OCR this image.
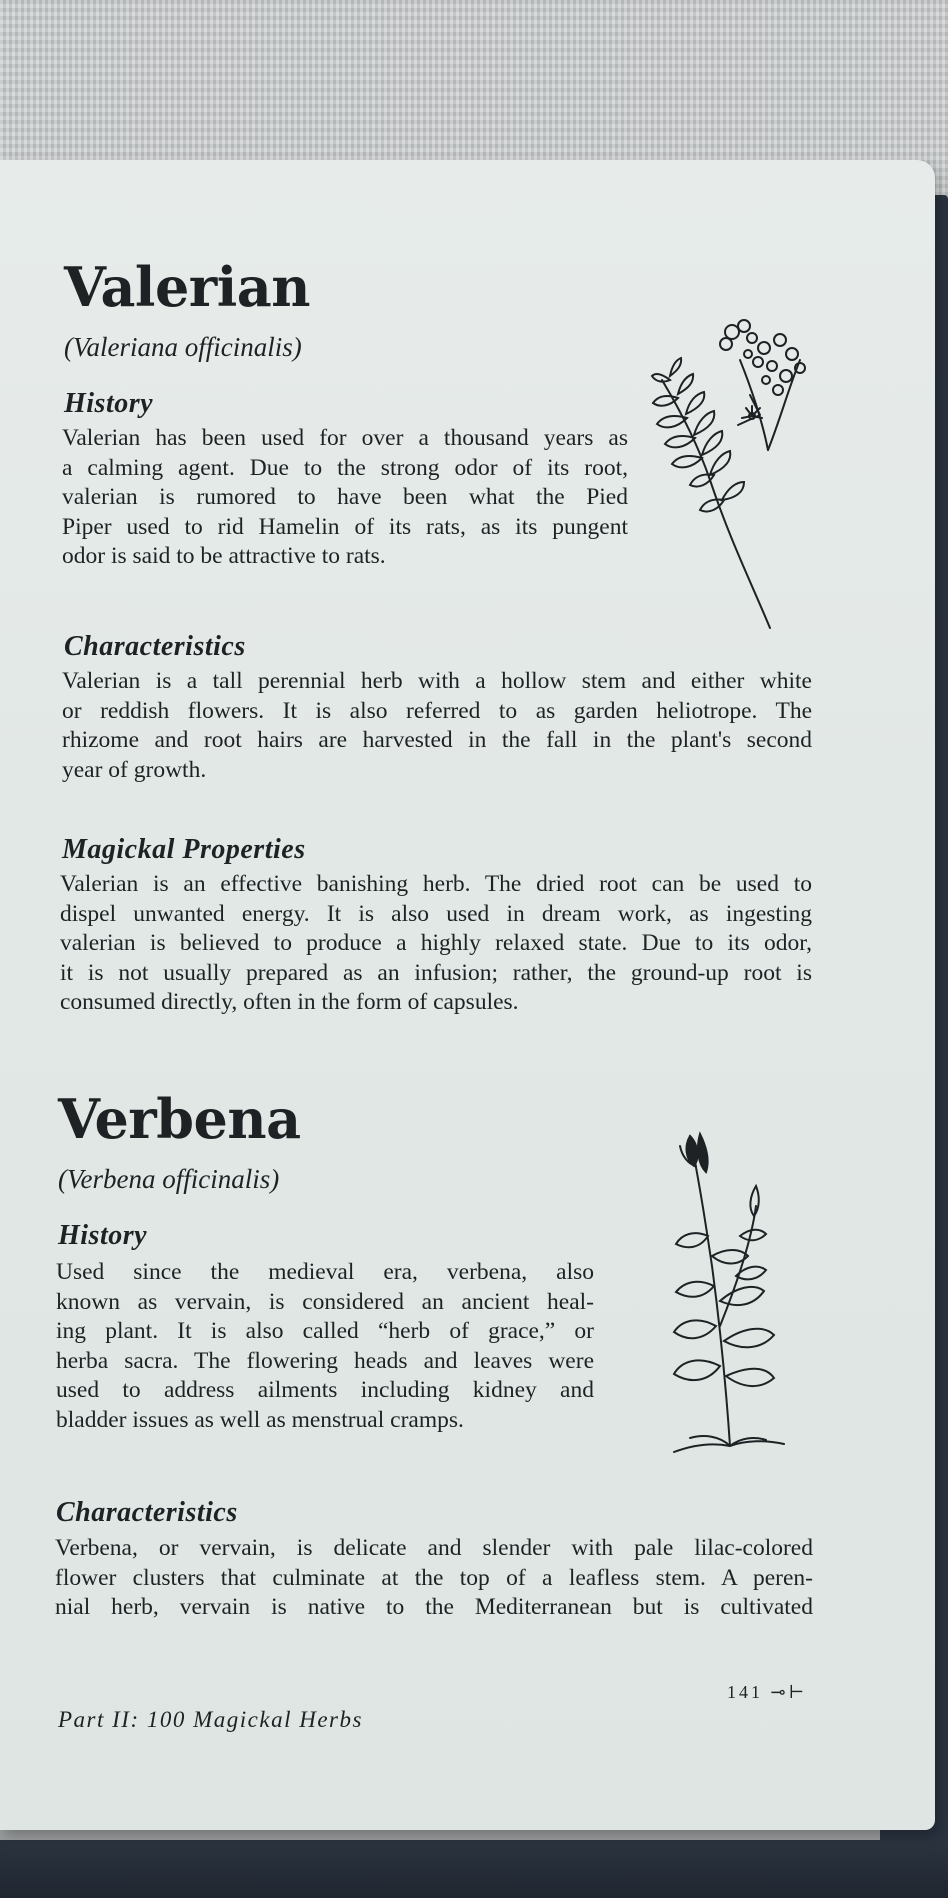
Valerian

(Valeriana officinalis)

History
Valerian has been used for over a thousand years as
a calming agent. Due to the strong odor of its root,
valerian is rumored to have been what the Pied
Piper used to rid Hamelin of its rats, as its pungent
odor is said to be attractive to rats.
Characteristics
Valerian is a tall perennial herb with a hollow stem and either white
or reddish flowers. It is also referred to as garden heliotrope. The
rhizome and root hairs are harvested in the fall in the plant's second
year of growth.
Magickal Properties
Valerian is an effective banishing herb. The dried root can be used to
dispel unwanted energy. It is also used in dream work, as ingesting
valerian is believed to produce a highly relaxed state. Due to its odor,
it is not usually prepared as an infusion; rather, the ground-up root is
consumed directly, often in the form of capsules.
Verbena

(Verbena officinalis)

History
Used since the medieval era, verbena, also
known as vervain, is considered an ancient heal-
ing plant. It is also called “herb of grace,” or
herba sacra. The flowering heads and leaves were
used to address ailments including kidney and
bladder issues as well as menstrual cramps.
Characteristics
Verbena, or vervain, is delicate and slender with pale lilac-colored
flower clusters that culminate at the top of a leafless stem. A peren-
nial herb, vervain is native to the Mediterranean but is cultivated
Part II: 100 Magickal Herbs
141 ⊸⊢
